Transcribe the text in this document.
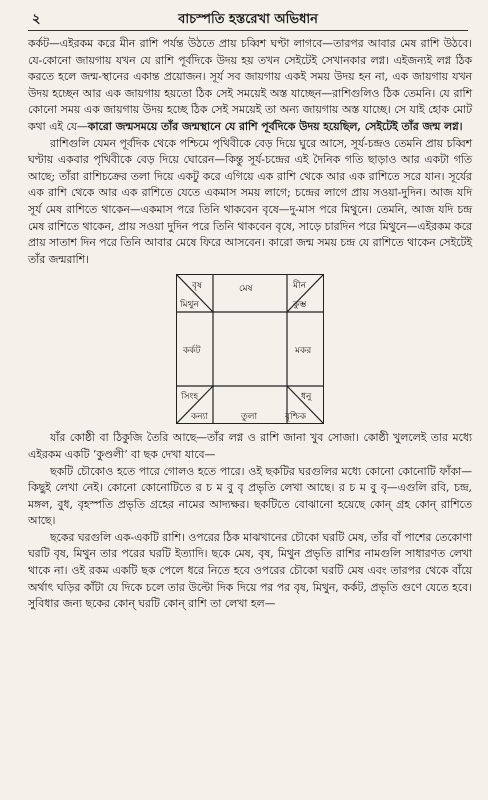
২	বাচস্পতি হস্তরেখা অভিধান

কর্কট—এইরকম করে মীন রাশি পর্যন্ত উঠতে প্রায় চব্বিশ ঘণ্টা লাগবে—তারপর আবার মেষ রাশি উঠবে। যে-কোনো জায়গায় যখন যে রাশি পূর্বদিকে উদয় হয় তখন সেইটেই সেখানকার লগ্ন। এইজন্যই লগ্ন ঠিক করতে হলে জন্ম-স্থানের একান্ত প্রয়োজন। সূর্য সব জায়গায় একই সময় উদয় হন না, এক জায়গায় যখন উদয় হচ্ছেন আর এক জায়গায় হয়তো ঠিক সেই সময়েই অস্ত যাচ্ছেন—রাশিগুলিও ঠিক তেমনি। যে রাশি কোনো সময় এক জায়গায় উদয় হচ্ছে ঠিক সেই সময়েই তা অন্য জায়গায় অস্ত যাচ্ছে। সে যাই হোক মোট কথা এই যে—কারো জন্মসময়ে তাঁর জন্মস্থানে যে রাশি পূর্বদিকে উদয় হয়েছিল, সেইটেই তাঁর জন্ম লগ্ন।

রাশিগুলি যেমন পূর্বদিক থেকে পশ্চিমে পৃথিবীকে বেড় দিয়ে ঘুরে আসে, সূর্য-চন্দ্রও তেমনি প্রায় চব্বিশ ঘণ্টায় একবার পৃথিবীকে বেড় দিয়ে ঘোরেন—কিন্তু সূর্য-চন্দ্রের এই দৈনিক গতি ছাড়াও আর একটা গতি আছে; তাঁরা রাশিচক্রের তলা দিয়ে একটু করে এগিয়ে এক রাশি থেকে আর এক রাশিতে সরে যান। সূর্যের এক রাশি থেকে আর এক রাশিতে যেতে একমাস সময় লাগে; চন্দ্রের লাগে প্রায় সওয়া-দুদিন। আজ যদি সূর্য মেষ রাশিতে থাকেন—একমাস পরে তিনি থাকবেন বৃষে—দু-মাস পরে মিথুনে। তেমনি, আজ যদি চন্দ্র মেষ রাশিতে থাকেন, প্রায় সওয়া দুদিন পরে তিনি থাকবেন বৃষে, সাড়ে চারদিন পরে মিথুনে—এইরকম করে প্রায় সাতাশ দিন পরে তিনি আবার মেষে ফিরে আসবেন। কারো জন্ম সময় চন্দ্র যে রাশিতে থাকেন সেইটেই তাঁর জন্মরাশি।

বৃষ	মেষ	মীন
মিথুন	কুম্ভ
কৰ্কট	মকর
সিংহ	ধনু
কন্যা	তুলা	বৃশ্চিক

যাঁর কোষ্ঠী বা ঠিকুজি তৈরি আছে—তাঁর লগ্ন ও রাশি জানা খুব সোজা। কোষ্ঠী খুললেই তার মধ্যে এইরকম একটি ‘কুণ্ডলী’ বা ছক দেখা যাবে—

ছকটি চৌকোও হতে পারে গোলও হতে পারে। ওই ছকটির ঘরগুলির মধ্যে কোনো কোনোটি ফাঁকা—কিছুই লেখা নেই। কোনো কোনোটিতে র চ ম বু বৃ প্রভৃতি লেখা আছে। র চ ম বু বৃ—এগুলি রবি, চন্দ্র, মঙ্গল, বুধ, বৃহস্পতি প্রভৃতি গ্রহের নামের আদ্যক্ষর। ছকটিতে বোঝানো হয়েছে কোন্ গ্রহ কোন্ রাশিতে আছে।

ছকের ঘরগুলি এক-একটি রাশি। ওপরের ঠিক মাঝখানের চৌকো ঘরটি মেষ, তাঁর বাঁ পাশের তেকোণা ঘরটি বৃষ, মিথুন তার পরের ঘরটি ইত্যাদি। ছকে মেষ, বৃষ, মিথুন প্রভৃতি রাশির নামগুলি সাধারণত লেখা থাকে না। ওই রকম একটি ছক পেলে ধরে নিতে হবে ওপরের চৌকো ঘরটি মেষ এবং তারপর থেকে বাঁয়ে অর্থাৎ ঘড়ির কাঁটা যে দিকে চলে তার উল্টো দিক দিয়ে পর পর বৃষ, মিথুন, কর্কট, প্রভৃতি গুণে যেতে হবে। সুবিধার জন্য ছকের কোন্ ঘরটি কোন্ রাশি তা লেখা হল—
